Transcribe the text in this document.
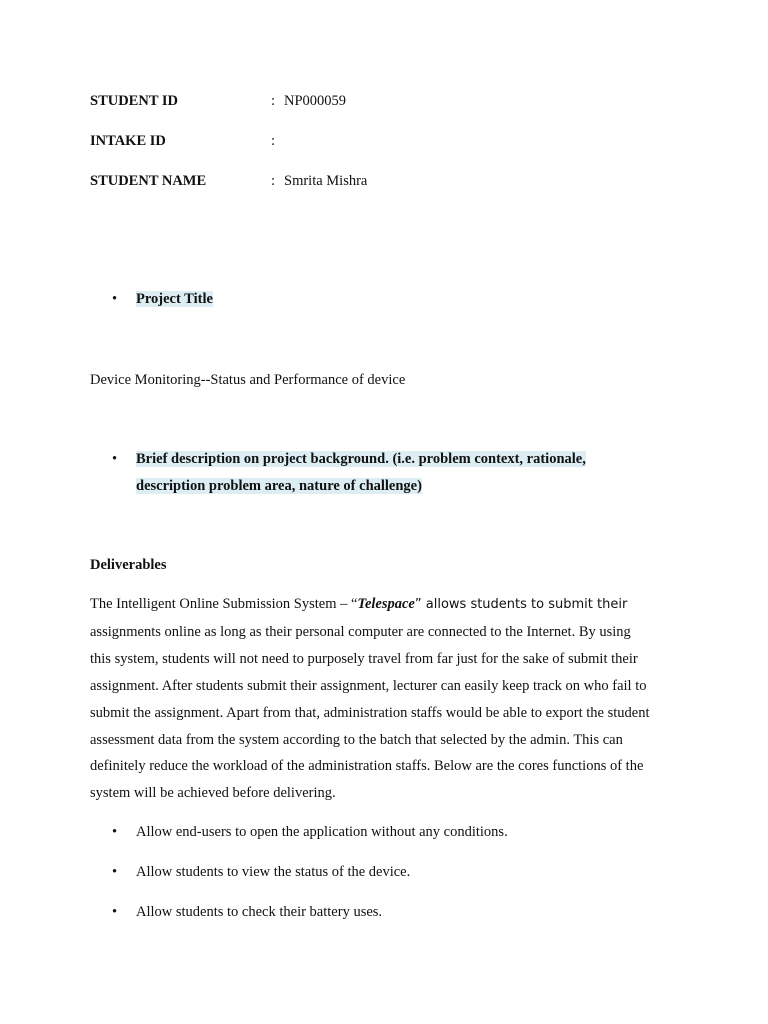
STUDENT ID	: NP000059
INTAKE ID	:
STUDENT NAME	: Smrita Mishra
• Project Title
Device Monitoring--Status and Performance of device
• Brief description on project background. (i.e. problem context, rationale,
description problem area, nature of challenge)
Deliverables
The Intelligent Online Submission System – “Telespace” allows students to submit their
assignments online as long as their personal computer are connected to the Internet. By using
this system, students will not need to purposely travel from far just for the sake of submit their
assignment. After students submit their assignment, lecturer can easily keep track on who fail to
submit the assignment. Apart from that, administration staffs would be able to export the student
assessment data from the system according to the batch that selected by the admin. This can
definitely reduce the workload of the administration staffs. Below are the cores functions of the
system will be achieved before delivering.
• Allow end-users to open the application without any conditions.
• Allow students to view the status of the device.
• Allow students to check their battery uses.
